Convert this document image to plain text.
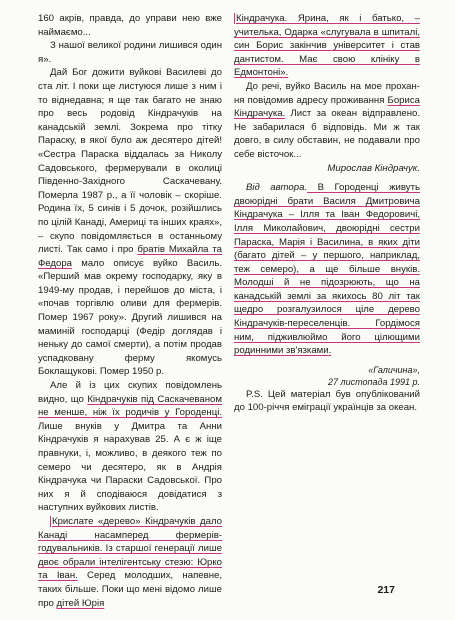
160 акрів, правда, до управи нею вже наймаємо...

З нашої великої родини лишився один я».

Дай Бог дожити вуйкові Василеві до ста літ. І поки ще листуюся лише з ним і то віднедавна; я ще так багато не знаю про весь родовід Кіндрачуків на канадській землі. Зокрема про тітку Параску, в якої було аж десятеро дітей! «Сестра Параска віддалась за Николу Садовського, фермерували в околиці Південно-Західного Саскачевану. Померла 1987 р., а її чоловік – скоріше. Родина їх, 5 синів і 5 дочок, розійшлись по цілій Канаді, Америці та інших краях», – скупо повідомляється в останньому листі. Так само і про братів Михайла та Федора мало описує вуйко Василь. «Перший мав окрему господарку, яку в 1949-му продав, і перейшов до міста, і «почав торгівлю оливи для фермерів. Помер 1967 року». Другий лишився на маминій господарці (Федір доглядав і неньку до самої смерти), а потім продав успадковану ферму якомусь Боклащукові. Помер 1950 р.

Але й із цих скупих повідомлень видно, що Кіндрачуків під Саскачеваном не менше, ніж їх родичів у Городенці. Лише внуків у Дмитра та Анни Кіндрачуків я нарахував 25. А є ж іще правнуки, і, можливо, в деякого теж по семеро чи десятеро, як в Андрія Кіндрачука чи Параски Садовської. Про них я й сподіваюся довідатися з наступних вуйкових листів.

Крислате «дерево» Кіндрачуків дало Канаді насамперед фермерів-годувальників. Із старшої генерації лише двоє обрали інтелігентську стезю: Юрко та Іван. Серед молодших, напевне, таких більше. Поки що мені відомо лише про дітей Юрія

Кіндрачука. Ярина, як і батько, – учителька, Одарка «слугувала в шпиталі, син Борис закінчив університет і став дантистом. Має свою клініку в Едмонтоні».

До речі, вуйко Василь на мое прохання повідомив адресу проживання Бориса Кіндрачука. Лист за океан відправлено. Не забарилася б відповідь. Ми ж так довго, в силу обставин, не подавали про себе вісточок...

Мирослав Кіндрачук.

Від автора. В Городенці живуть двоюрідні брати Василя Дмитровича Кіндрачука – Ілля та Іван Федоровичі, Ілля Миколайович, двоюрідні сестри Параска, Марія і Василина, в яких діти (багато дітей – у першого, наприклад, теж семеро), а ще більше внуків. Молодші й не підозрюють, що на канадській землі за якихось 80 літ так щедро розгалузилося ціле дерево Кіндрачуків-переселенців. Гордімося ним, підживлюймо його цілющими родинними зв'язками.

«Галичина»,
27 листопада 1991 р.

P.S. Цей матеріал був опублікований до 100-річчя еміграції українців за океан.

217
